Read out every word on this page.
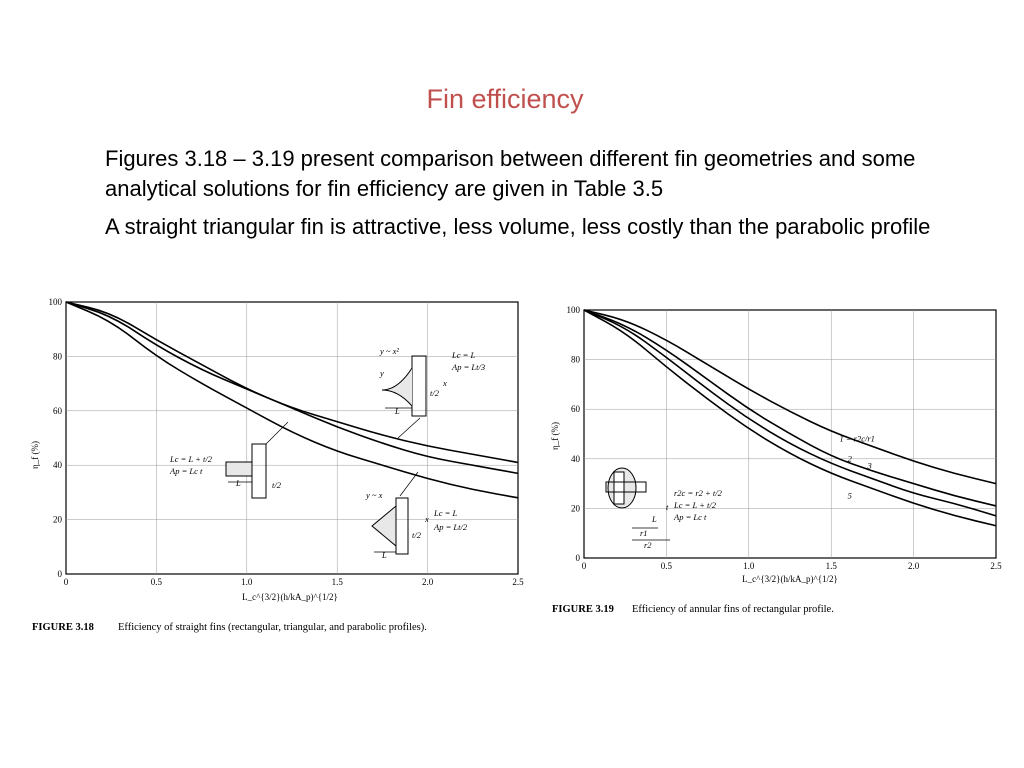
Fin efficiency

Figures 3.18 – 3.19 present comparison between different fin geometries and some analytical solutions for fin efficiency are given in Table 3.5

A straight triangular fin is attractive, less volume, less costly than the parabolic profile

0	0.5	1.0	1.5	2.0	2.5
0
20
40
60
80
100
η_f (%)
L_c^{3/2}(h/kA_p)^{1/2}
y ~ x²
y
x
L
t/2
Lc = L
Ap = Lt/3
L	t/2
Lc = L + t/2
Ap = Lc t
y ~ x
x
L
t/2
Lc = L
Ap = Lt/2
FIGURE 3.18 Efficiency of straight fins (rectangular, triangular, and parabolic profiles).
0	0.5	1.0	1.5	2.0	2.5
0
20
40
60
80
100
1 = r2c/r1
2
3
5
η_f (%)
L_c^{3/2}(h/kA_p)^{1/2}
L
r1
r2
t
r2c = r2 + t/2
Lc = L + t/2
Ap = Lc t
FIGURE 3.19 Efficiency of annular fins of rectangular profile.
